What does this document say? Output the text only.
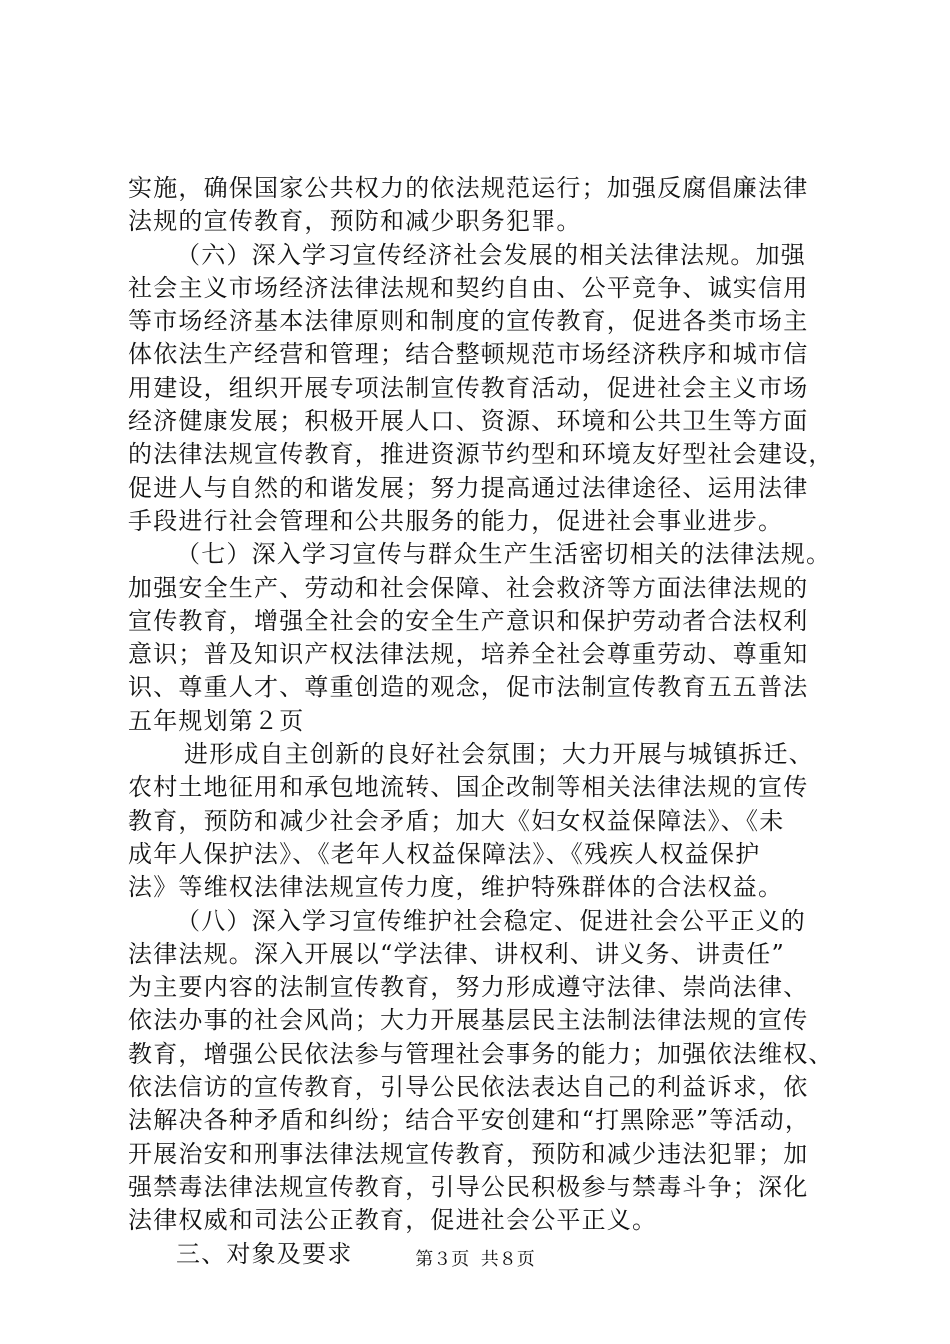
实施，确保国家公共权力的依法规范运行；加强反腐倡廉法律
法规的宣传教育，预防和减少职务犯罪。
（六）深入学习宣传经济社会发展的相关法律法规。加强
社会主义市场经济法律法规和契约自由、公平竞争、诚实信用
等市场经济基本法律原则和制度的宣传教育，促进各类市场主
体依法生产经营和管理；结合整顿规范市场经济秩序和城市信
用建设，组织开展专项法制宣传教育活动，促进社会主义市场
经济健康发展；积极开展人口、资源、环境和公共卫生等方面
的法律法规宣传教育，推进资源节约型和环境友好型社会建设，
促进人与自然的和谐发展；努力提高通过法律途径、运用法律
手段进行社会管理和公共服务的能力，促进社会事业进步。
（七）深入学习宣传与群众生产生活密切相关的法律法规。
加强安全生产、劳动和社会保障、社会救济等方面法律法规的
宣传教育，增强全社会的安全生产意识和保护劳动者合法权利
意识；普及知识产权法律法规，培养全社会尊重劳动、尊重知
识、尊重人才、尊重创造的观念，促市法制宣传教育五五普法
五年规划第２页
进形成自主创新的良好社会氛围；大力开展与城镇拆迁、
农村土地征用和承包地流转、国企改制等相关法律法规的宣传
教育，预防和减少社会矛盾；加大《妇女权益保障法》、《未
成年人保护法》、《老年人权益保障法》、《残疾人权益保护
法》等维权法律法规宣传力度，维护特殊群体的合法权益。
（八）深入学习宣传维护社会稳定、促进社会公平正义的
法律法规。深入开展以“学法律、讲权利、讲义务、讲责任”
为主要内容的法制宣传教育，努力形成遵守法律、崇尚法律、
依法办事的社会风尚；大力开展基层民主法制法律法规的宣传
教育，增强公民依法参与管理社会事务的能力；加强依法维权、
依法信访的宣传教育，引导公民依法表达自己的利益诉求，依
法解决各种矛盾和纠纷；结合平安创建和“打黑除恶”等活动，
开展治安和刑事法律法规宣传教育，预防和减少违法犯罪；加
强禁毒法律法规宣传教育，引导公民积极参与禁毒斗争；深化
法律权威和司法公正教育，促进社会公平正义。
三、对象及要求	第３页  共８页
